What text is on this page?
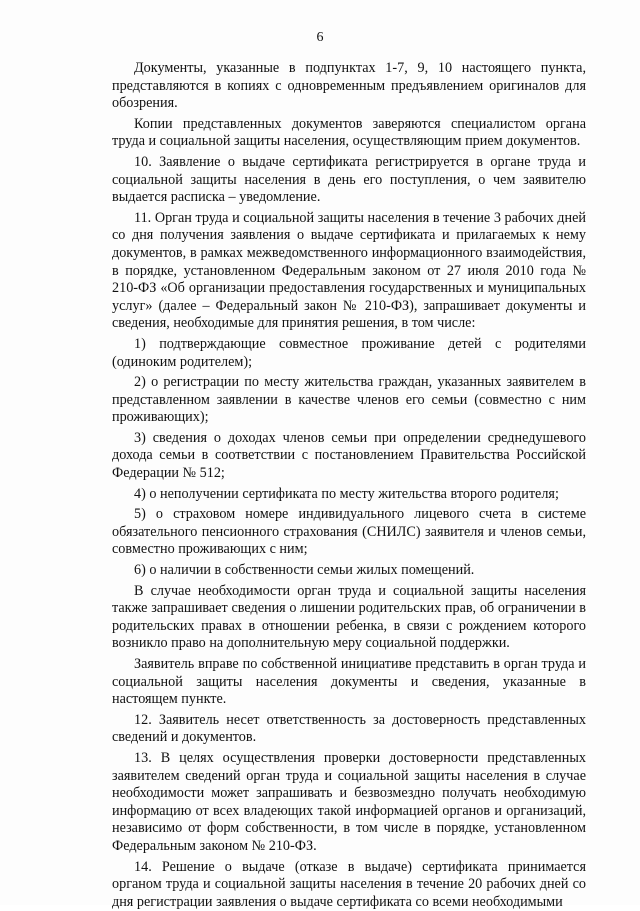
6

Документы, указанные в подпунктах 1-7, 9, 10 настоящего пункта, представляются в копиях с одновременным предъявлением оригиналов для обозрения.

Копии представленных документов заверяются специалистом органа труда и социальной защиты населения, осуществляющим прием документов.

10. Заявление о выдаче сертификата регистрируется в органе труда и социальной защиты населения в день его поступления, о чем заявителю выдается расписка – уведомление.

11. Орган труда и социальной защиты населения в течение 3 рабочих дней со дня получения заявления о выдаче сертификата и прилагаемых к нему документов, в рамках межведомственного информационного взаимодействия, в порядке, установленном Федеральным законом от 27 июля 2010 года № 210-ФЗ «Об организации предоставления государственных и муниципальных услуг» (далее – Федеральный закон № 210-ФЗ), запрашивает документы и сведения, необходимые для принятия решения, в том числе:

1) подтверждающие совместное проживание детей с родителями (одиноким родителем);

2) о регистрации по месту жительства граждан, указанных заявителем в представленном заявлении в качестве членов его семьи (совместно с ним проживающих);

3) сведения о доходах членов семьи при определении среднедушевого дохода семьи в соответствии с постановлением Правительства Российской Федерации № 512;

4) о неполучении сертификата по месту жительства второго родителя;

5) о страховом номере индивидуального лицевого счета в системе обязательного пенсионного страхования (СНИЛС) заявителя и членов семьи, совместно проживающих с ним;

6) о наличии в собственности семьи жилых помещений.

В случае необходимости орган труда и социальной защиты населения также запрашивает сведения о лишении родительских прав, об ограничении в родительских правах в отношении ребенка, в связи с рождением которого возникло право на дополнительную меру социальной поддержки.

Заявитель вправе по собственной инициативе представить в орган труда и социальной защиты населения документы и сведения, указанные в настоящем пункте.

12. Заявитель несет ответственность за достоверность представленных сведений и документов.

13. В целях осуществления проверки достоверности представленных заявителем сведений орган труда и социальной защиты населения в случае необходимости может запрашивать и безвозмездно получать необходимую информацию от всех владеющих такой информацией органов и организаций, независимо от форм собственности, в том числе в порядке, установленном Федеральным законом № 210-ФЗ.

14. Решение о выдаче (отказе в выдаче) сертификата принимается органом труда и социальной защиты населения в течение 20 рабочих дней со дня регистрации заявления о выдаче сертификата со всеми необходимыми
